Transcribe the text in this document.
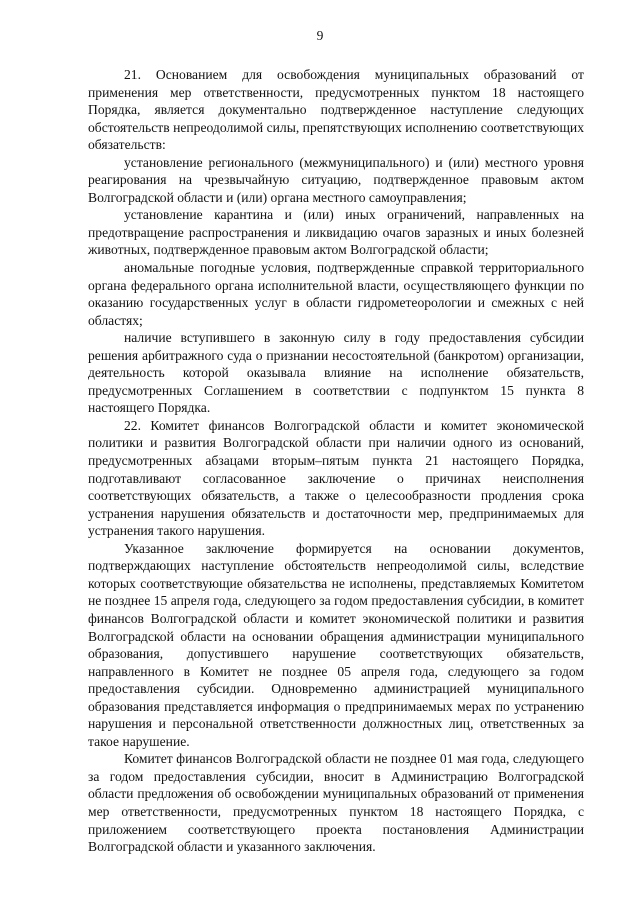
9

21. Основанием для освобождения муниципальных образований от применения мер ответственности, предусмотренных пунктом 18 настоящего Порядка, является документально подтвержденное наступление следующих обстоятельств непреодолимой силы, препятствующих исполнению соответствующих обязательств:

установление регионального (межмуниципального) и (или) местного уровня реагирования на чрезвычайную ситуацию, подтвержденное правовым актом Волгоградской области и (или) органа местного самоуправления;

установление карантина и (или) иных ограничений, направленных на предотвращение распространения и ликвидацию очагов заразных и иных болезней животных, подтвержденное правовым актом Волгоградской области;

аномальные погодные условия, подтвержденные справкой территориального органа федерального органа исполнительной власти, осуществляющего функции по оказанию государственных услуг в области гидрометеорологии и смежных с ней областях;

наличие вступившего в законную силу в году предоставления субсидии решения арбитражного суда о признании несостоятельной (банкротом) организации, деятельность которой оказывала влияние на исполнение обязательств, предусмотренных Соглашением в соответствии с подпунктом 15 пункта 8 настоящего Порядка.

22. Комитет финансов Волгоградской области и комитет экономической политики и развития Волгоградской области при наличии одного из оснований, предусмотренных абзацами вторым–пятым пункта 21 настоящего Порядка, подготавливают согласованное заключение о причинах неисполнения соответствующих обязательств, а также о целесообразности продления срока устранения нарушения обязательств и достаточности мер, предпринимаемых для устранения такого нарушения.

Указанное заключение формируется на основании документов, подтверждающих наступление обстоятельств непреодолимой силы, вследствие которых соответствующие обязательства не исполнены, представляемых Комитетом не позднее 15 апреля года, следующего за годом предоставления субсидии, в комитет финансов Волгоградской области и комитет экономической политики и развития Волгоградской области на основании обращения администрации муниципального образования, допустившего нарушение соответствующих обязательств, направленного в Комитет не позднее 05 апреля года, следующего за годом предоставления субсидии. Одновременно администрацией муниципального образования представляется информация о предпринимаемых мерах по устранению нарушения и персональной ответственности должностных лиц, ответственных за такое нарушение.

Комитет финансов Волгоградской области не позднее 01 мая года, следующего за годом предоставления субсидии, вносит в Администрацию Волгоградской области предложения об освобождении муниципальных образований от применения мер ответственности, предусмотренных пунктом 18 настоящего Порядка, с приложением соответствующего проекта постановления Администрации Волгоградской области и указанного заключения.
